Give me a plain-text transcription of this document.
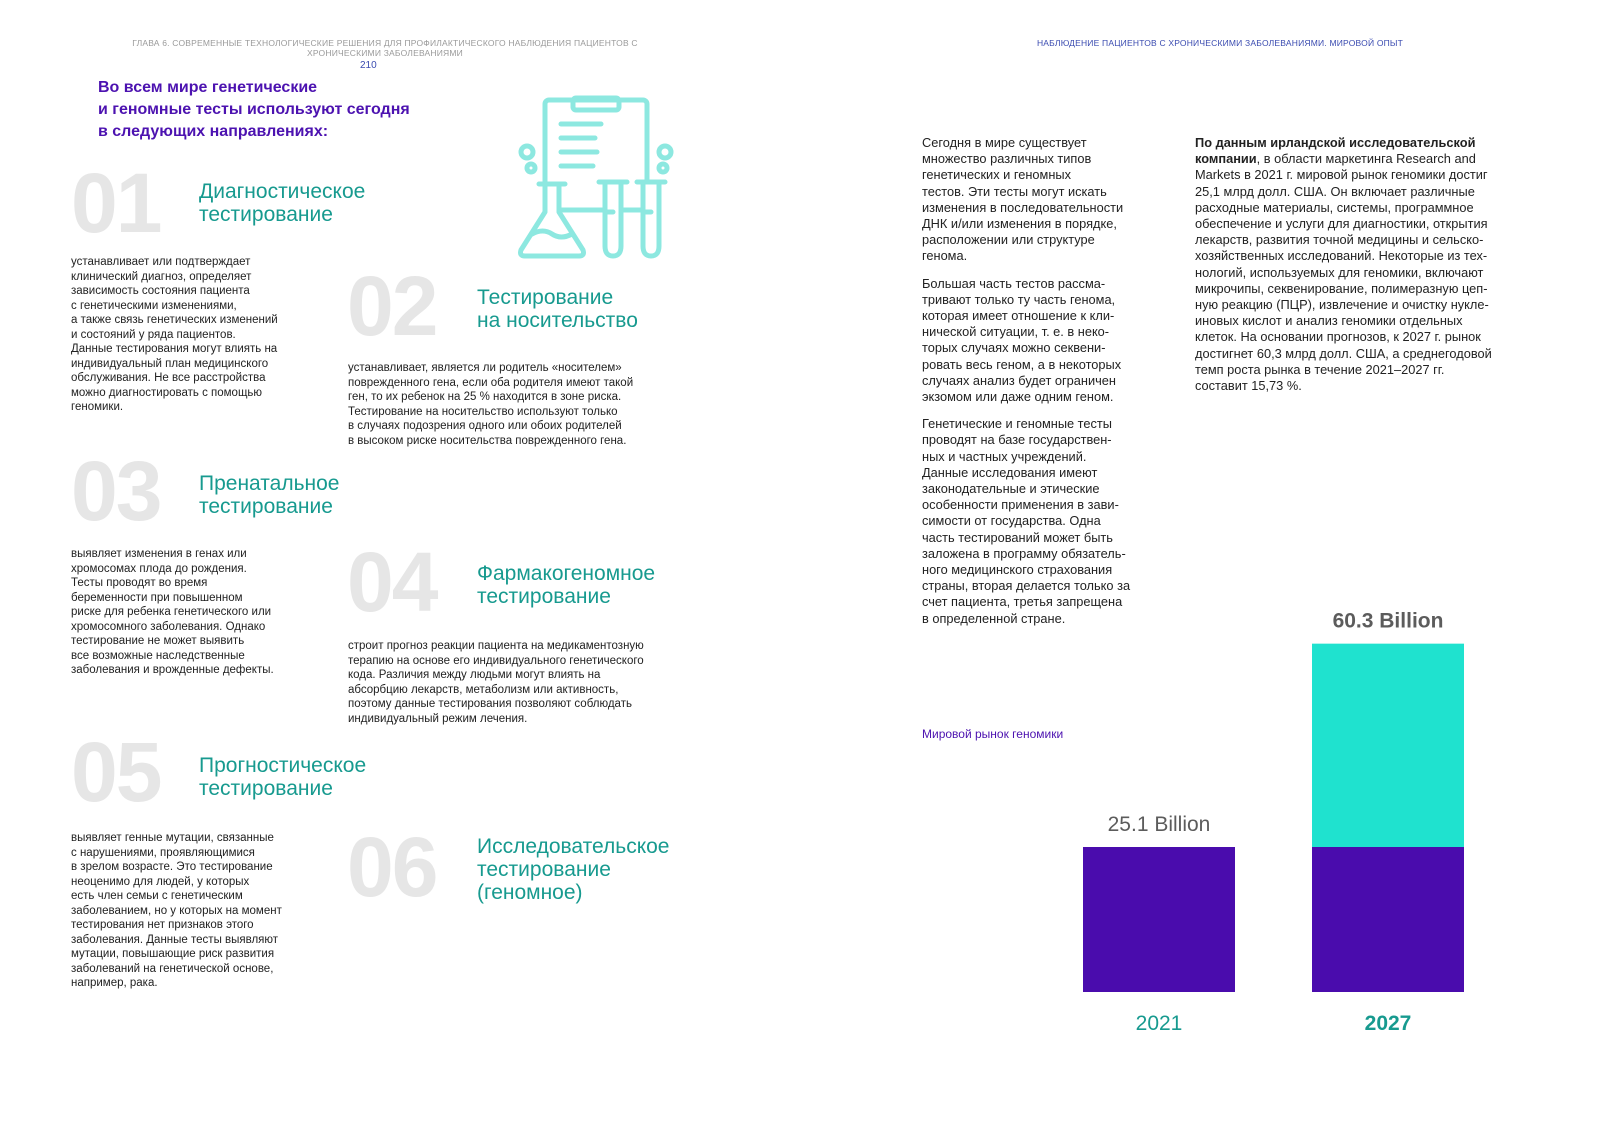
ГЛАВА 6. СОВРЕМЕННЫЕ ТЕХНОЛОГИЧЕСКИЕ РЕШЕНИЯ ДЛЯ ПРОФИЛАКТИЧЕСКОГО НАБЛЮДЕНИЯ ПАЦИЕНТОВ С ХРОНИЧЕСКИМИ ЗАБОЛЕВАНИЯМИ
НАБЛЮДЕНИЕ ПАЦИЕНТОВ С ХРОНИЧЕСКИМИ ЗАБОЛЕВАНИЯМИ. МИРОВОЙ ОПЫТ
210
Во всем мире генетические
и геномные тесты используют сегодня
в следующих направлениях:
01 Диагностическое
тестирование
устанавливает или подтверждает
клинический диагноз, определяет
зависимость состояния пациента
с генетическими изменениями,
а также связь генетических изменений
и состояний у ряда пациентов.
Данные тестирования могут влиять на
индивидуальный план медицинского
обслуживания. Не все расстройства
можно диагностировать с помощью
геномики.
02 Тестирование
на носительство
устанавливает, является ли родитель «носителем»
поврежденного гена, если оба родителя имеют такой
ген, то их ребенок на 25 % находится в зоне риска.
Тестирование на носительство используют только
в случаях подозрения одного или обоих родителей
в высоком риске носительства поврежденного гена.
03 Пренатальное
тестирование
выявляет изменения в генах или
хромосомах плода до рождения.
Тесты проводят во время
беременности при повышенном
риске для ребенка генетического или
хромосомного заболевания. Однако
тестирование не может выявить
все возможные наследственные
заболевания и врожденные дефекты.
04 Фармакогеномное
тестирование
строит прогноз реакции пациента на медикаментозную
терапию на основе его индивидуального генетического
кода. Различия между людьми могут влиять на
абсорбцию лекарств, метаболизм или активность,
поэтому данные тестирования позволяют соблюдать
индивидуальный режим лечения.
05 Прогностическое
тестирование
выявляет генные мутации, связанные
с нарушениями, проявляющимися
в зрелом возрасте. Это тестирование
неоценимо для людей, у которых
есть член семьи с генетическим
заболеванием, но у которых на момент
тестирования нет признаков этого
заболевания. Данные тесты выявляют
мутации, повышающие риск развития
заболеваний на генетической основе,
например, рака.
06 Исследовательское
тестирование
(геномное)

Сегодня в мире существует
множество различных типов
генетических и геномных
тестов. Эти тесты могут искать
изменения в последовательности
ДНК и/или изменения в порядке,
расположении или структуре
генома.

Большая часть тестов рассма-
тривают только ту часть генома,
которая имеет отношение к кли-
нической ситуации, т. е. в неко-
торых случаях можно секвени-
ровать весь геном, а в некоторых
случаях анализ будет ограничен
экзомом или даже одним геном.

Генетические и геномные тесты
проводят на базе государствен-
ных и частных учреждений.
Данные исследования имеют
законодательные и этические
особенности применения в зави-
симости от государства. Одна
часть тестирований может быть
заложена в программу обязатель-
ного медицинского страхования
страны, вторая делается только за
счет пациента, третья запрещена
в определенной стране.

По данным ирландской исследовательской
компании, в области маркетинга Research and
Markets в 2021 г. мировой рынок геномики достиг
25,1 млрд долл. США. Он включает различные
расходные материалы, системы, программное
обеспечение и услуги для диагностики, открытия
лекарств, развития точной медицины и сельско-
хозяйственных исследований. Некоторые из тех-
нологий, используемых для геномики, включают
микрочипы, секвенирование, полимеразную цеп-
ную реакцию (ПЦР), извлечение и очистку нукле-
иновых кислот и анализ геномики отдельных
клеток. На основании прогнозов, к 2027 г. рынок
достигнет 60,3 млрд долл. США, а среднегодовой
темп роста рынка в течение 2021–2027 гг.
составит 15,73 %.
Мировой рынок геномики
25.1 Billion
2021
60.3 Billion
2027
